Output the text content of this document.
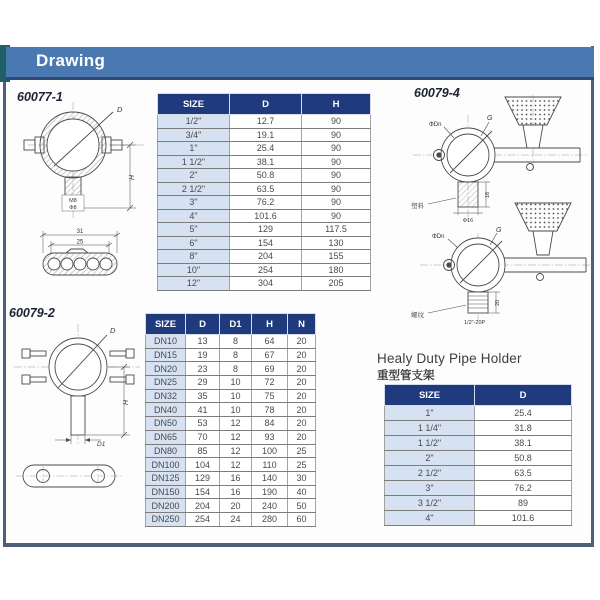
Drawing
60077-1	60079-4
60079-2
D
H
M8
Φ8
31
25
ΦDn
G
塑料
16
Φ16
ΦDn
G
螺纹
20
1/2"-20P
D
H
D1
SIZE	D	H
1/2"	12.7	90
3/4"	19.1	90
1"	25.4	90
1 1/2"	38.1	90
2"	50.8	90
2 1/2"	63.5	90
3"	76.2	90
4"	101.6	90
5"	129	117.5
6"	154	130
8"	204	155
10"	254	180
12"	304	205
SIZE	D	D1	H	N
DN10	13	8	64	20
DN15	19	8	67	20
DN20	23	8	69	20
DN25	29	10	72	20
DN32	35	10	75	20
DN40	41	10	78	20
DN50	53	12	84	20
DN65	70	12	93	20
DN80	85	12	100	25
DN100	104	12	110	25
DN125	129	16	140	30
DN150	154	16	190	40
DN200	204	20	240	50
DN250	254	24	280	60
Healy Duty Pipe Holder
重型管支架
SIZE	D
1"	25.4
1 1/4"	31.8
1 1/2"	38.1
2"	50.8
2 1/2"	63.5
3"	76.2
3 1/2"	89
4"	101.6
